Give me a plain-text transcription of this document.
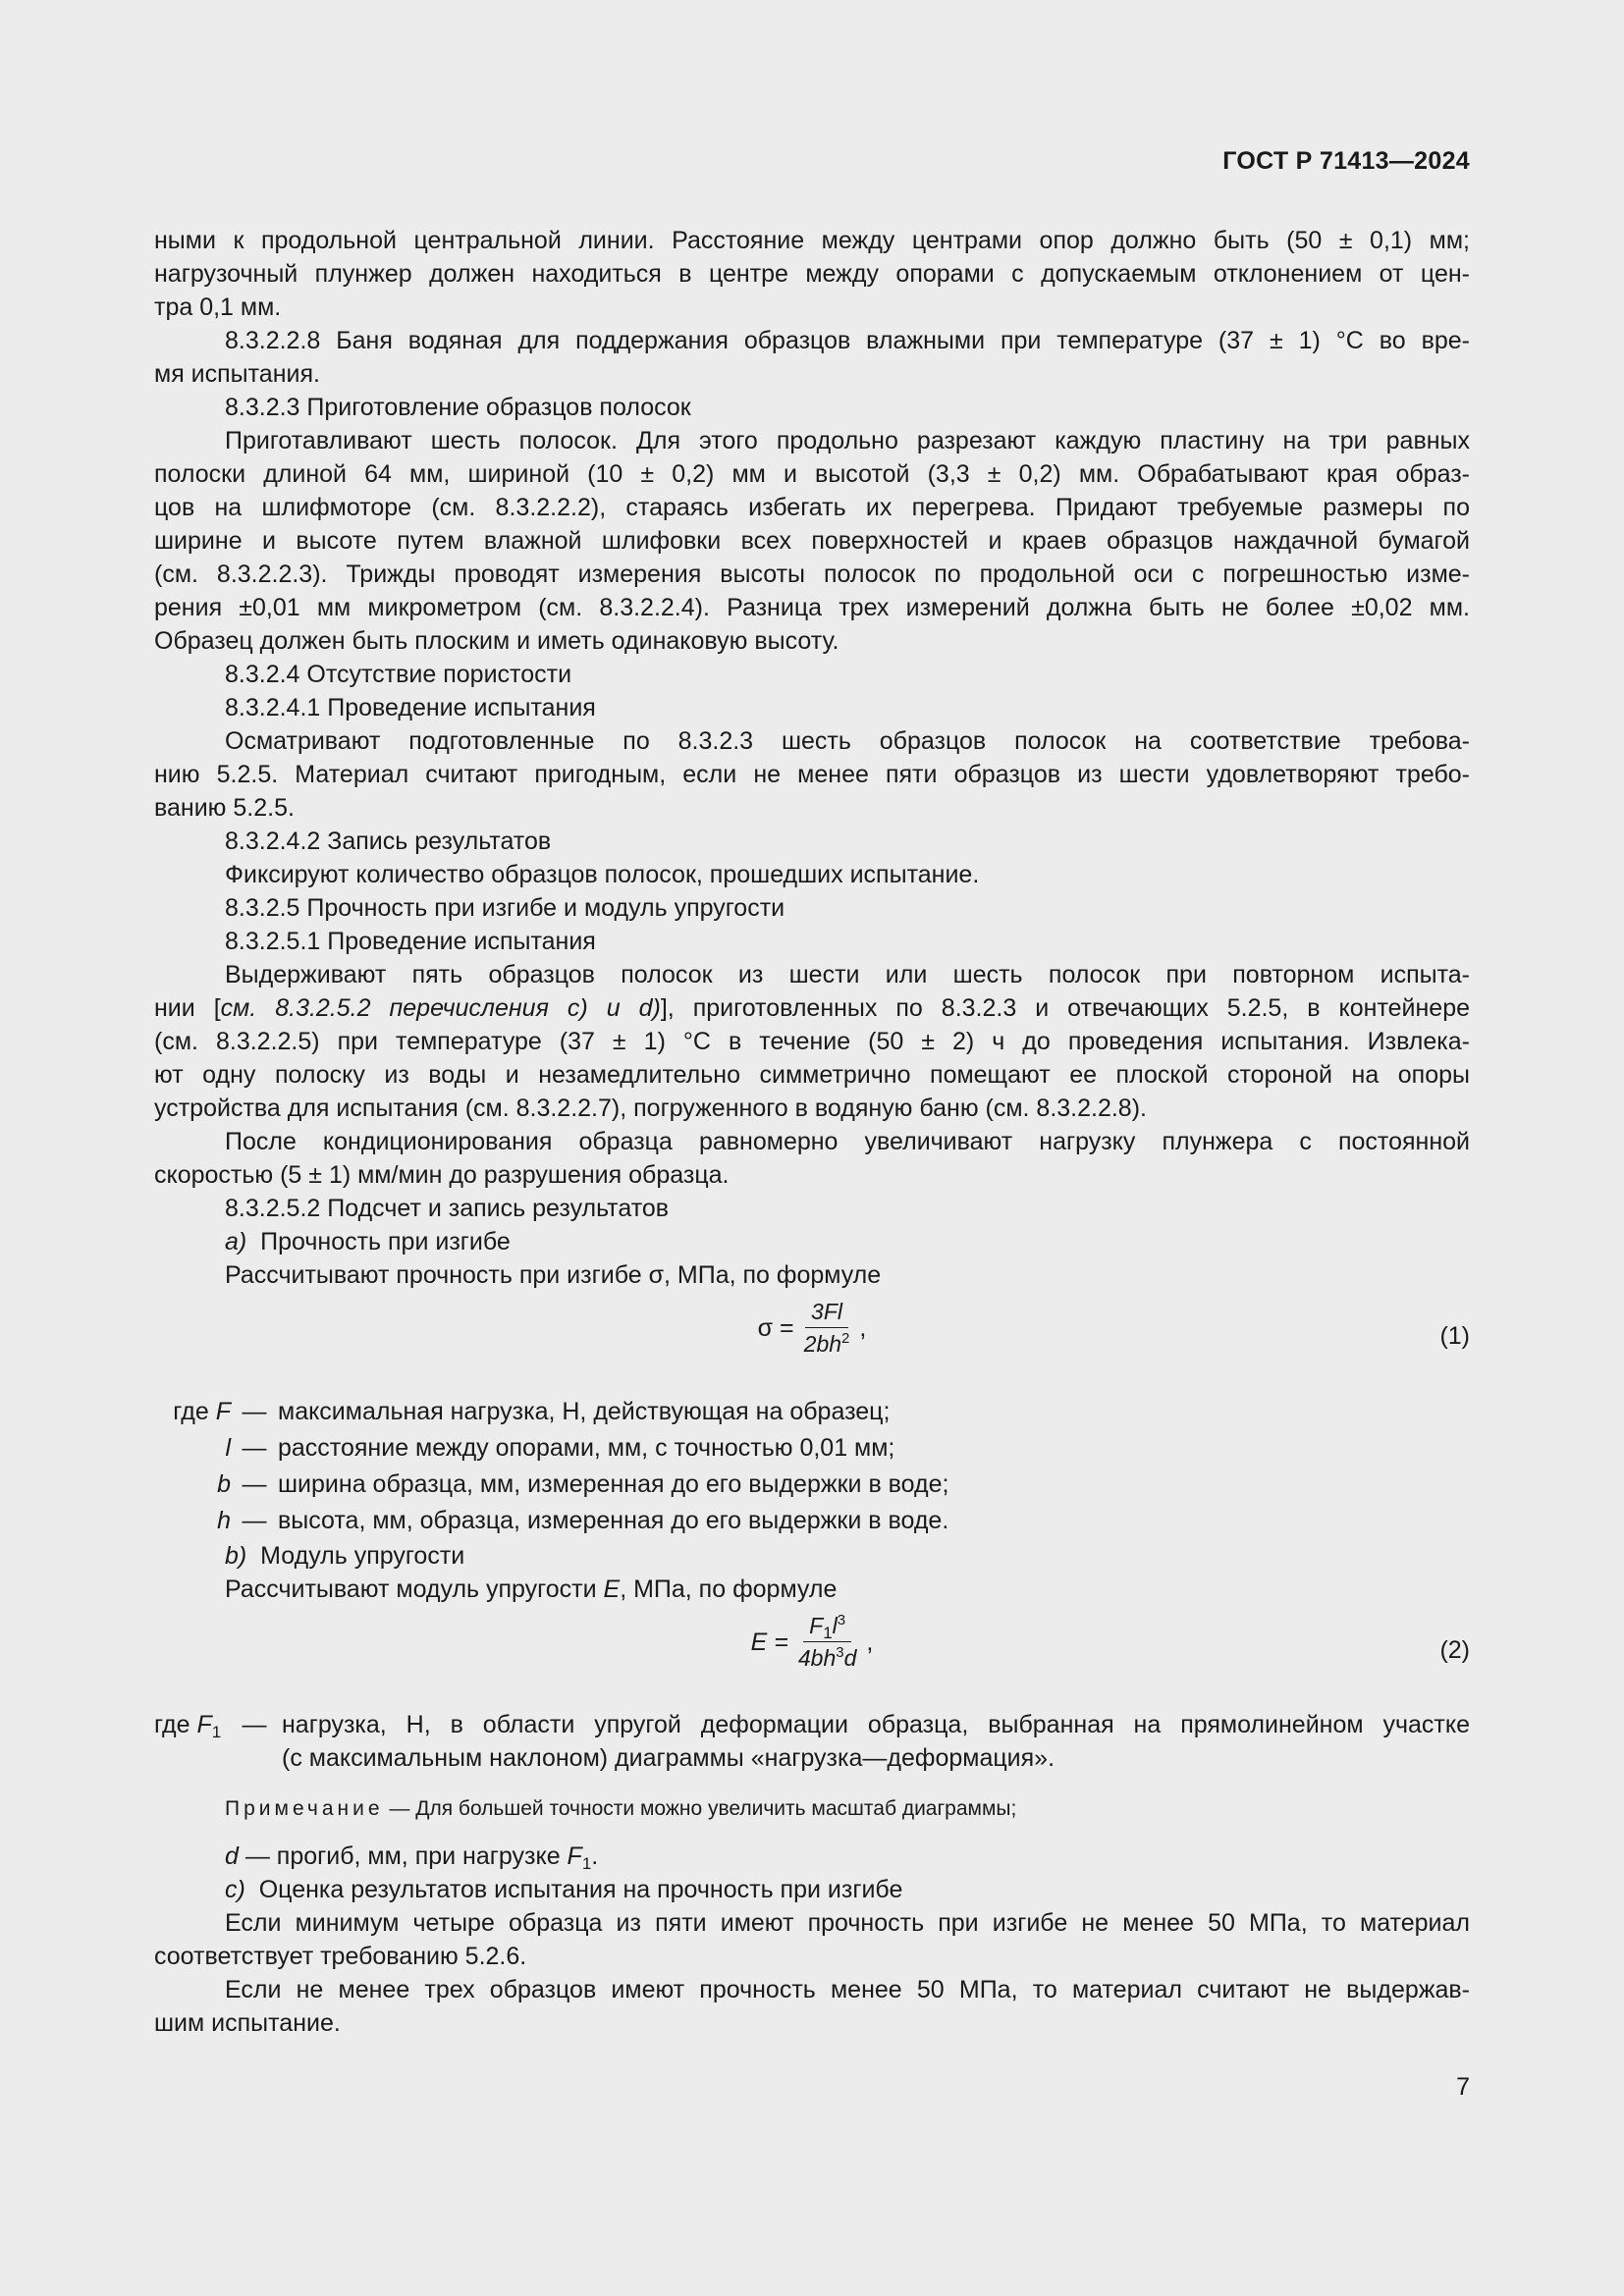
ГОСТ Р 71413—2024
ными к продольной центральной линии. Расстояние между центрами опор должно быть (50 ± 0,1) мм;
нагрузочный плунжер должен находиться в центре между опорами с допускаемым отклонением от цен-
тра 0,1 мм.
8.3.2.2.8 Баня водяная для поддержания образцов влажными при температуре (37 ± 1) °С во вре-
мя испытания.
8.3.2.3 Приготовление образцов полосок
Приготавливают шесть полосок. Для этого продольно разрезают каждую пластину на три равных
полоски длиной 64 мм, шириной (10 ± 0,2) мм и высотой (3,3 ± 0,2) мм. Обрабатывают края образ-
цов на шлифмоторе (см. 8.3.2.2.2), стараясь избегать их перегрева. Придают требуемые размеры по
ширине и высоте путем влажной шлифовки всех поверхностей и краев образцов наждачной бумагой
(см. 8.3.2.2.3). Трижды проводят измерения высоты полосок по продольной оси с погрешностью изме-
рения ±0,01 мм микрометром (см. 8.3.2.2.4). Разница трех измерений должна быть не более ±0,02 мм.
Образец должен быть плоским и иметь одинаковую высоту.
8.3.2.4 Отсутствие пористости
8.3.2.4.1 Проведение испытания
Осматривают подготовленные по 8.3.2.3 шесть образцов полосок на соответствие требова-
нию 5.2.5. Материал считают пригодным, если не менее пяти образцов из шести удовлетворяют требо-
ванию 5.2.5.
8.3.2.4.2 Запись результатов
Фиксируют количество образцов полосок, прошедших испытание.
8.3.2.5 Прочность при изгибе и модуль упругости
8.3.2.5.1 Проведение испытания
Выдерживают пять образцов полосок из шести или шесть полосок при повторном испыта-
нии [см. 8.3.2.5.2 перечисления c) и d)], приготовленных по 8.3.2.3 и отвечающих 5.2.5, в контейнере
(см. 8.3.2.2.5) при температуре (37 ± 1) °С в течение (50 ± 2) ч до проведения испытания. Извлека-
ют одну полоску из воды и незамедлительно симметрично помещают ее плоской стороной на опоры
устройства для испытания (см. 8.3.2.2.7), погруженного в водяную баню (см. 8.3.2.2.8).
После кондиционирования образца равномерно увеличивают нагрузку плунжера с постоянной
скоростью (5 ± 1) мм/мин до разрушения образца.
8.3.2.5.2 Подсчет и запись результатов
a) Прочность при изгибе
Рассчитывают прочность при изгибе σ, МПа, по формуле
$\sigma = \frac{3Fl}{2bh^2}$ ,	(1)
где F — максимальная нагрузка, Н, действующая на образец;
l — расстояние между опорами, мм, с точностью 0,01 мм;
b — ширина образца, мм, измеренная до его выдержки в воде;
h — высота, мм, образца, измеренная до его выдержки в воде.
b) Модуль упругости
Рассчитывают модуль упругости E, МПа, по формуле
$E = \frac{F_1l^3}{4bh^3d}$ ,	(2)
где $F_1$ — нагрузка, Н, в области упругой деформации образца, выбранная на прямолинейном участке
(с максимальным наклоном) диаграммы «нагрузка—деформация».
Примечание — Для большей точности можно увеличить масштаб диаграммы;
d — прогиб, мм, при нагрузке $F_1$.
c) Оценка результатов испытания на прочность при изгибе
Если минимум четыре образца из пяти имеют прочность при изгибе не менее 50 МПа, то материал
соответствует требованию 5.2.6.
Если не менее трех образцов имеют прочность менее 50 МПа, то материал считают не выдержав-
шим испытание.
7
